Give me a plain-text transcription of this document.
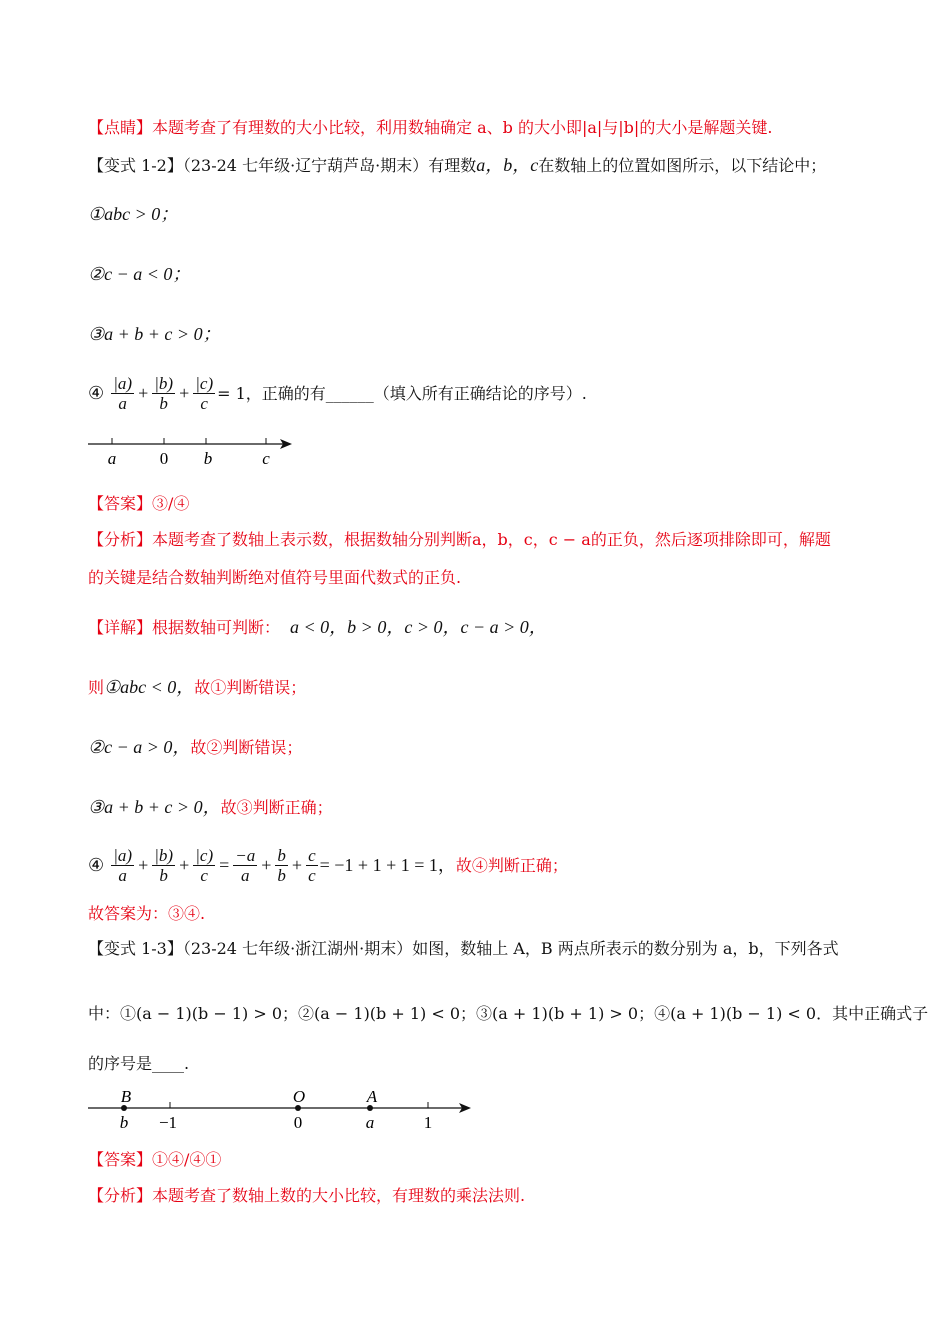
【点睛】本题考查了有理数的大小比较，利用数轴确定 a、b 的大小即|a|与|b|的大小是解题关键.
【变式 1-2】（23-24 七年级·辽宁葫芦岛·期末）有理数a，b，c在数轴上的位置如图所示，以下结论中；
①abc > 0；
②c − a < 0；
③a + b + c > 0；
④ $\frac{|a)}{a} + \frac{|b)}{b} + \frac{|c)}{c} = 1$，正确的有______（填入所有正确结论的序号）.
a	0 b	c
【答案】③/④
【分析】本题考查了数轴上表示数，根据数轴分别判断a，b，c，c − a的正负，然后逐项排除即可，解题
的关键是结合数轴判断绝对值符号里面代数式的正负.
【详解】根据数轴可判断： a < 0，b > 0，c > 0，c − a > 0，
则①abc < 0，故①判断错误；
②c − a > 0，故②判断错误；
③a + b + c > 0，故③判断正确；
④ $\frac{|a)}{a} + \frac{|b)}{b} + \frac{|c)}{c} = \frac{-a}{a} + \frac{b}{b} + \frac{c}{c} = -1 + 1 + 1 = 1$，故④判断正确；
故答案为：③④.
【变式 1-3】（23-24 七年级·浙江湖州·期末）如图，数轴上 A，B 两点所表示的数分别为 a，b，下列各式
中：①(a − 1)(b − 1) > 0；②(a − 1)(b + 1) < 0；③(a + 1)(b + 1) > 0；④(a + 1)(b − 1) < 0．其中正确式子
的序号是____.
B	O	A
b −1	0	a	1
【答案】①④/④①
【分析】本题考查了数轴上数的大小比较，有理数的乘法法则.
